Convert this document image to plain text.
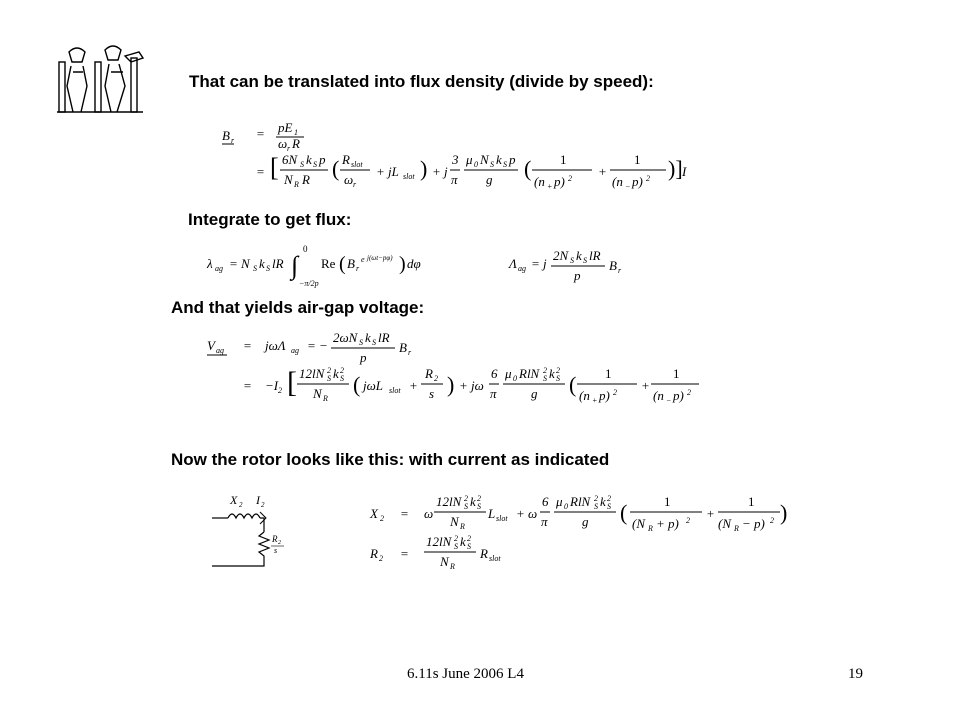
That can be translated into flux density (divide by speed):
B r = pE 1
ω r R
= [ 6N S k S p
N R R ( R slot
ω r
+ jL slot ) + j
3
π
μ 0 N S k S p
g ( 1
(n + p) 2 +
1
(n − p) 2 )] I
Integrate to get flux:
λ ag = N S k S lR ∫
0
−π/2p
Re ( B r
e j(ωt−pφ) ) dφ	Λ ag = j
2N S k S lR
p
B r
And that yields air-gap voltage:
V ag = jωΛ ag = −
2ωN S k S lR
p
B r
= −I 2 [ 12lN 2
S k 2
S
N R
( jωL slot +
R 2
s ) + jω
6
π
μ 0 RlN 2
S k 2
S
g ( 1
(n + p) 2 +
1
(n − p) 2
Now the rotor looks like this: with current as indicated
X 2 I 2
R 2
s
X 2 = ω
12lN 2
S k 2
S
N R
L slot + ω
6
π
μ 0 RlN 2
S k 2
S
g (	1
(N R + p) 2 +
1
(N R − p) 2 )
R 2 =
12lN 2
S k 2
S
N R
R slot
6.11s June 2006 L4	19
